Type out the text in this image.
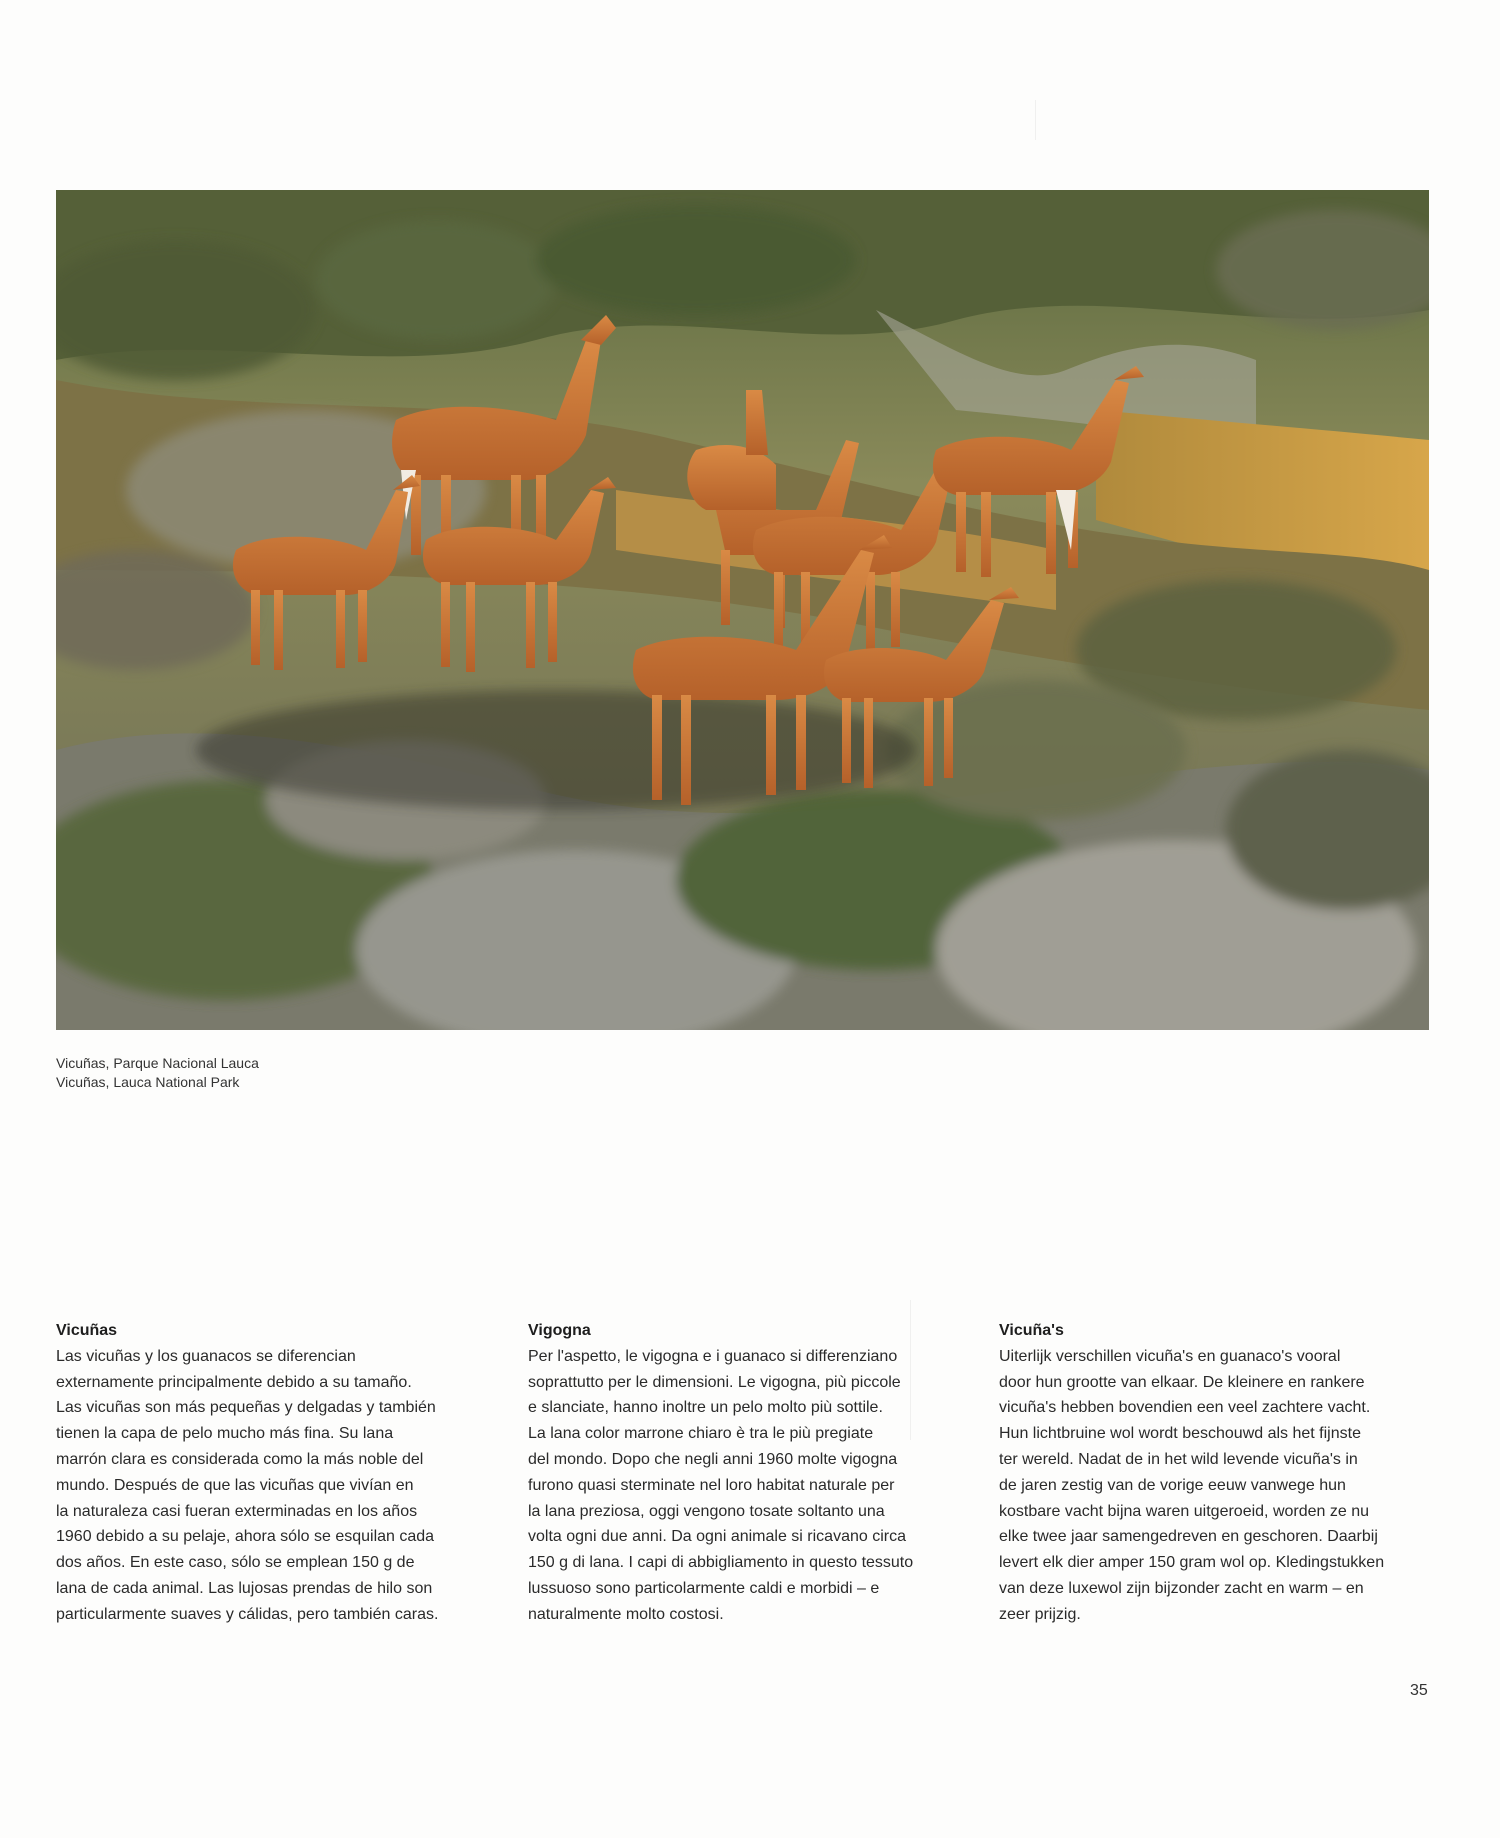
Vicuñas, Parque Nacional Lauca
Vicuñas, Lauca National Park
Vicuñas
Las vicuñas y los guanacos se diferencian
externamente principalmente debido a su tamaño.
Las vicuñas son más pequeñas y delgadas y también
tienen la capa de pelo mucho más fina. Su lana
marrón clara es considerada como la más noble del
mundo. Después de que las vicuñas que vivían en
la naturaleza casi fueran exterminadas en los años
1960 debido a su pelaje, ahora sólo se esquilan cada
dos años. En este caso, sólo se emplean 150 g de
lana de cada animal. Las lujosas prendas de hilo son
particularmente suaves y cálidas, pero también caras.
Vigogna
Per l'aspetto, le vigogna e i guanaco si differenziano
soprattutto per le dimensioni. Le vigogna, più piccole
e slanciate, hanno inoltre un pelo molto più sottile.
La lana color marrone chiaro è tra le più pregiate
del mondo. Dopo che negli anni 1960 molte vigogna
furono quasi sterminate nel loro habitat naturale per
la lana preziosa, oggi vengono tosate soltanto una
volta ogni due anni. Da ogni animale si ricavano circa
150 g di lana. I capi di abbigliamento in questo tessuto
lussuoso sono particolarmente caldi e morbidi – e
naturalmente molto costosi.
Vicuña's
Uiterlijk verschillen vicuña's en guanaco's vooral
door hun grootte van elkaar. De kleinere en rankere
vicuña's hebben bovendien een veel zachtere vacht.
Hun lichtbruine wol wordt beschouwd als het fijnste
ter wereld. Nadat de in het wild levende vicuña's in
de jaren zestig van de vorige eeuw vanwege hun
kostbare vacht bijna waren uitgeroeid, worden ze nu
elke twee jaar samengedreven en geschoren. Daarbij
levert elk dier amper 150 gram wol op. Kledingstukken
van deze luxewol zijn bijzonder zacht en warm – en
zeer prijzig.
35
